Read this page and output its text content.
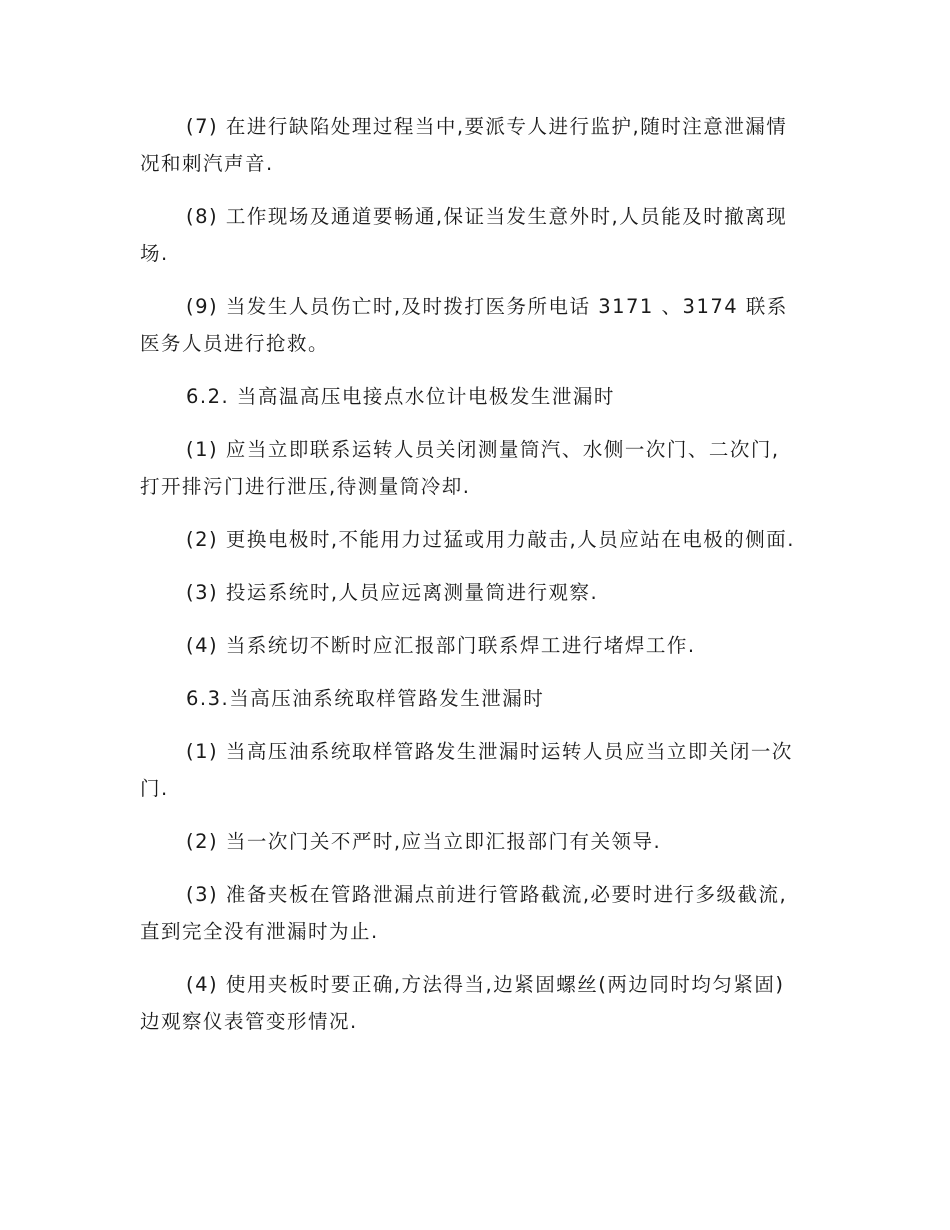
(7) 在进行缺陷处理过程当中,要派专人进行监护,随时注意泄漏情况和刺汽声音.

(8) 工作现场及通道要畅通,保证当发生意外时,人员能及时撤离现场.

(9) 当发生人员伤亡时,及时拨打医务所电话 3171 、3174 联系医务人员进行抢救。

6.2. 当高温高压电接点水位计电极发生泄漏时

(1) 应当立即联系运转人员关闭测量筒汽、水侧一次门、二次门, 打开排污门进行泄压,待测量筒冷却.

(2) 更换电极时,不能用力过猛或用力敲击,人员应站在电极的侧面.

(3) 投运系统时,人员应远离测量筒进行观察.

(4) 当系统切不断时应汇报部门联系焊工进行堵焊工作.

6.3.当高压油系统取样管路发生泄漏时

(1) 当高压油系统取样管路发生泄漏时运转人员应当立即关闭一次门.

(2) 当一次门关不严时,应当立即汇报部门有关领导.

(3) 准备夹板在管路泄漏点前进行管路截流,必要时进行多级截流,直到完全没有泄漏时为止.

(4) 使用夹板时要正确,方法得当,边紧固螺丝(两边同时均匀紧固)边观察仪表管变形情况.
